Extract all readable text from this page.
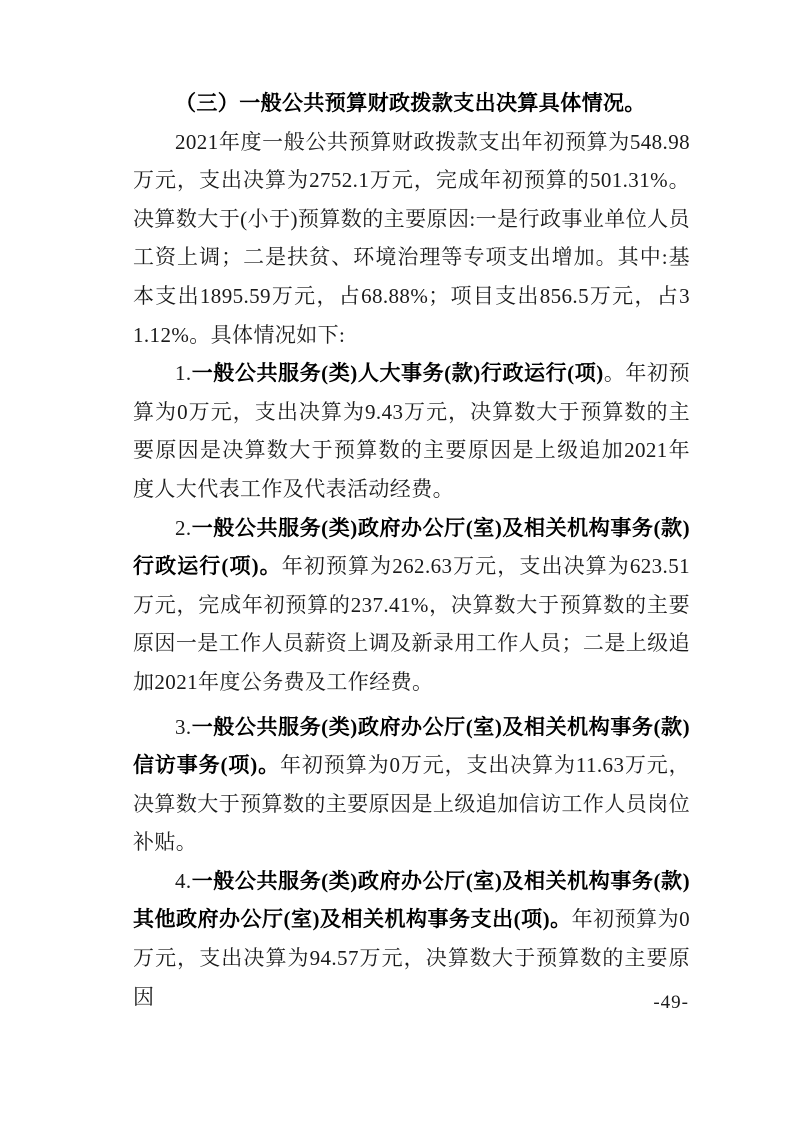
（三）一般公共预算财政拨款支出决算具体情况。

2021年度一般公共预算财政拨款支出年初预算为548.98万元，支出决算为2752.1万元，完成年初预算的501.31%。决算数大于(小于)预算数的主要原因:一是行政事业单位人员工资上调；二是扶贫、环境治理等专项支出增加。其中:基本支出1895.59万元，占68.88%；项目支出856.5万元，占31.12%。具体情况如下:

1.一般公共服务(类)人大事务(款)行政运行(项)。年初预算为0万元，支出决算为9.43万元，决算数大于预算数的主要原因是决算数大于预算数的主要原因是上级追加2021年度人大代表工作及代表活动经费。

2.一般公共服务(类)政府办公厅(室)及相关机构事务(款)行政运行(项)。年初预算为262.63万元，支出决算为623.51万元，完成年初预算的237.41%，决算数大于预算数的主要原因一是工作人员薪资上调及新录用工作人员；二是上级追加2021年度公务费及工作经费。

3.一般公共服务(类)政府办公厅(室)及相关机构事务(款)信访事务(项)。年初预算为0万元，支出决算为11.63万元，决算数大于预算数的主要原因是上级追加信访工作人员岗位补贴。

4.一般公共服务(类)政府办公厅(室)及相关机构事务(款)其他政府办公厅(室)及相关机构事务支出(项)。年初预算为0万元，支出决算为94.57万元，决算数大于预算数的主要原因	-49-
